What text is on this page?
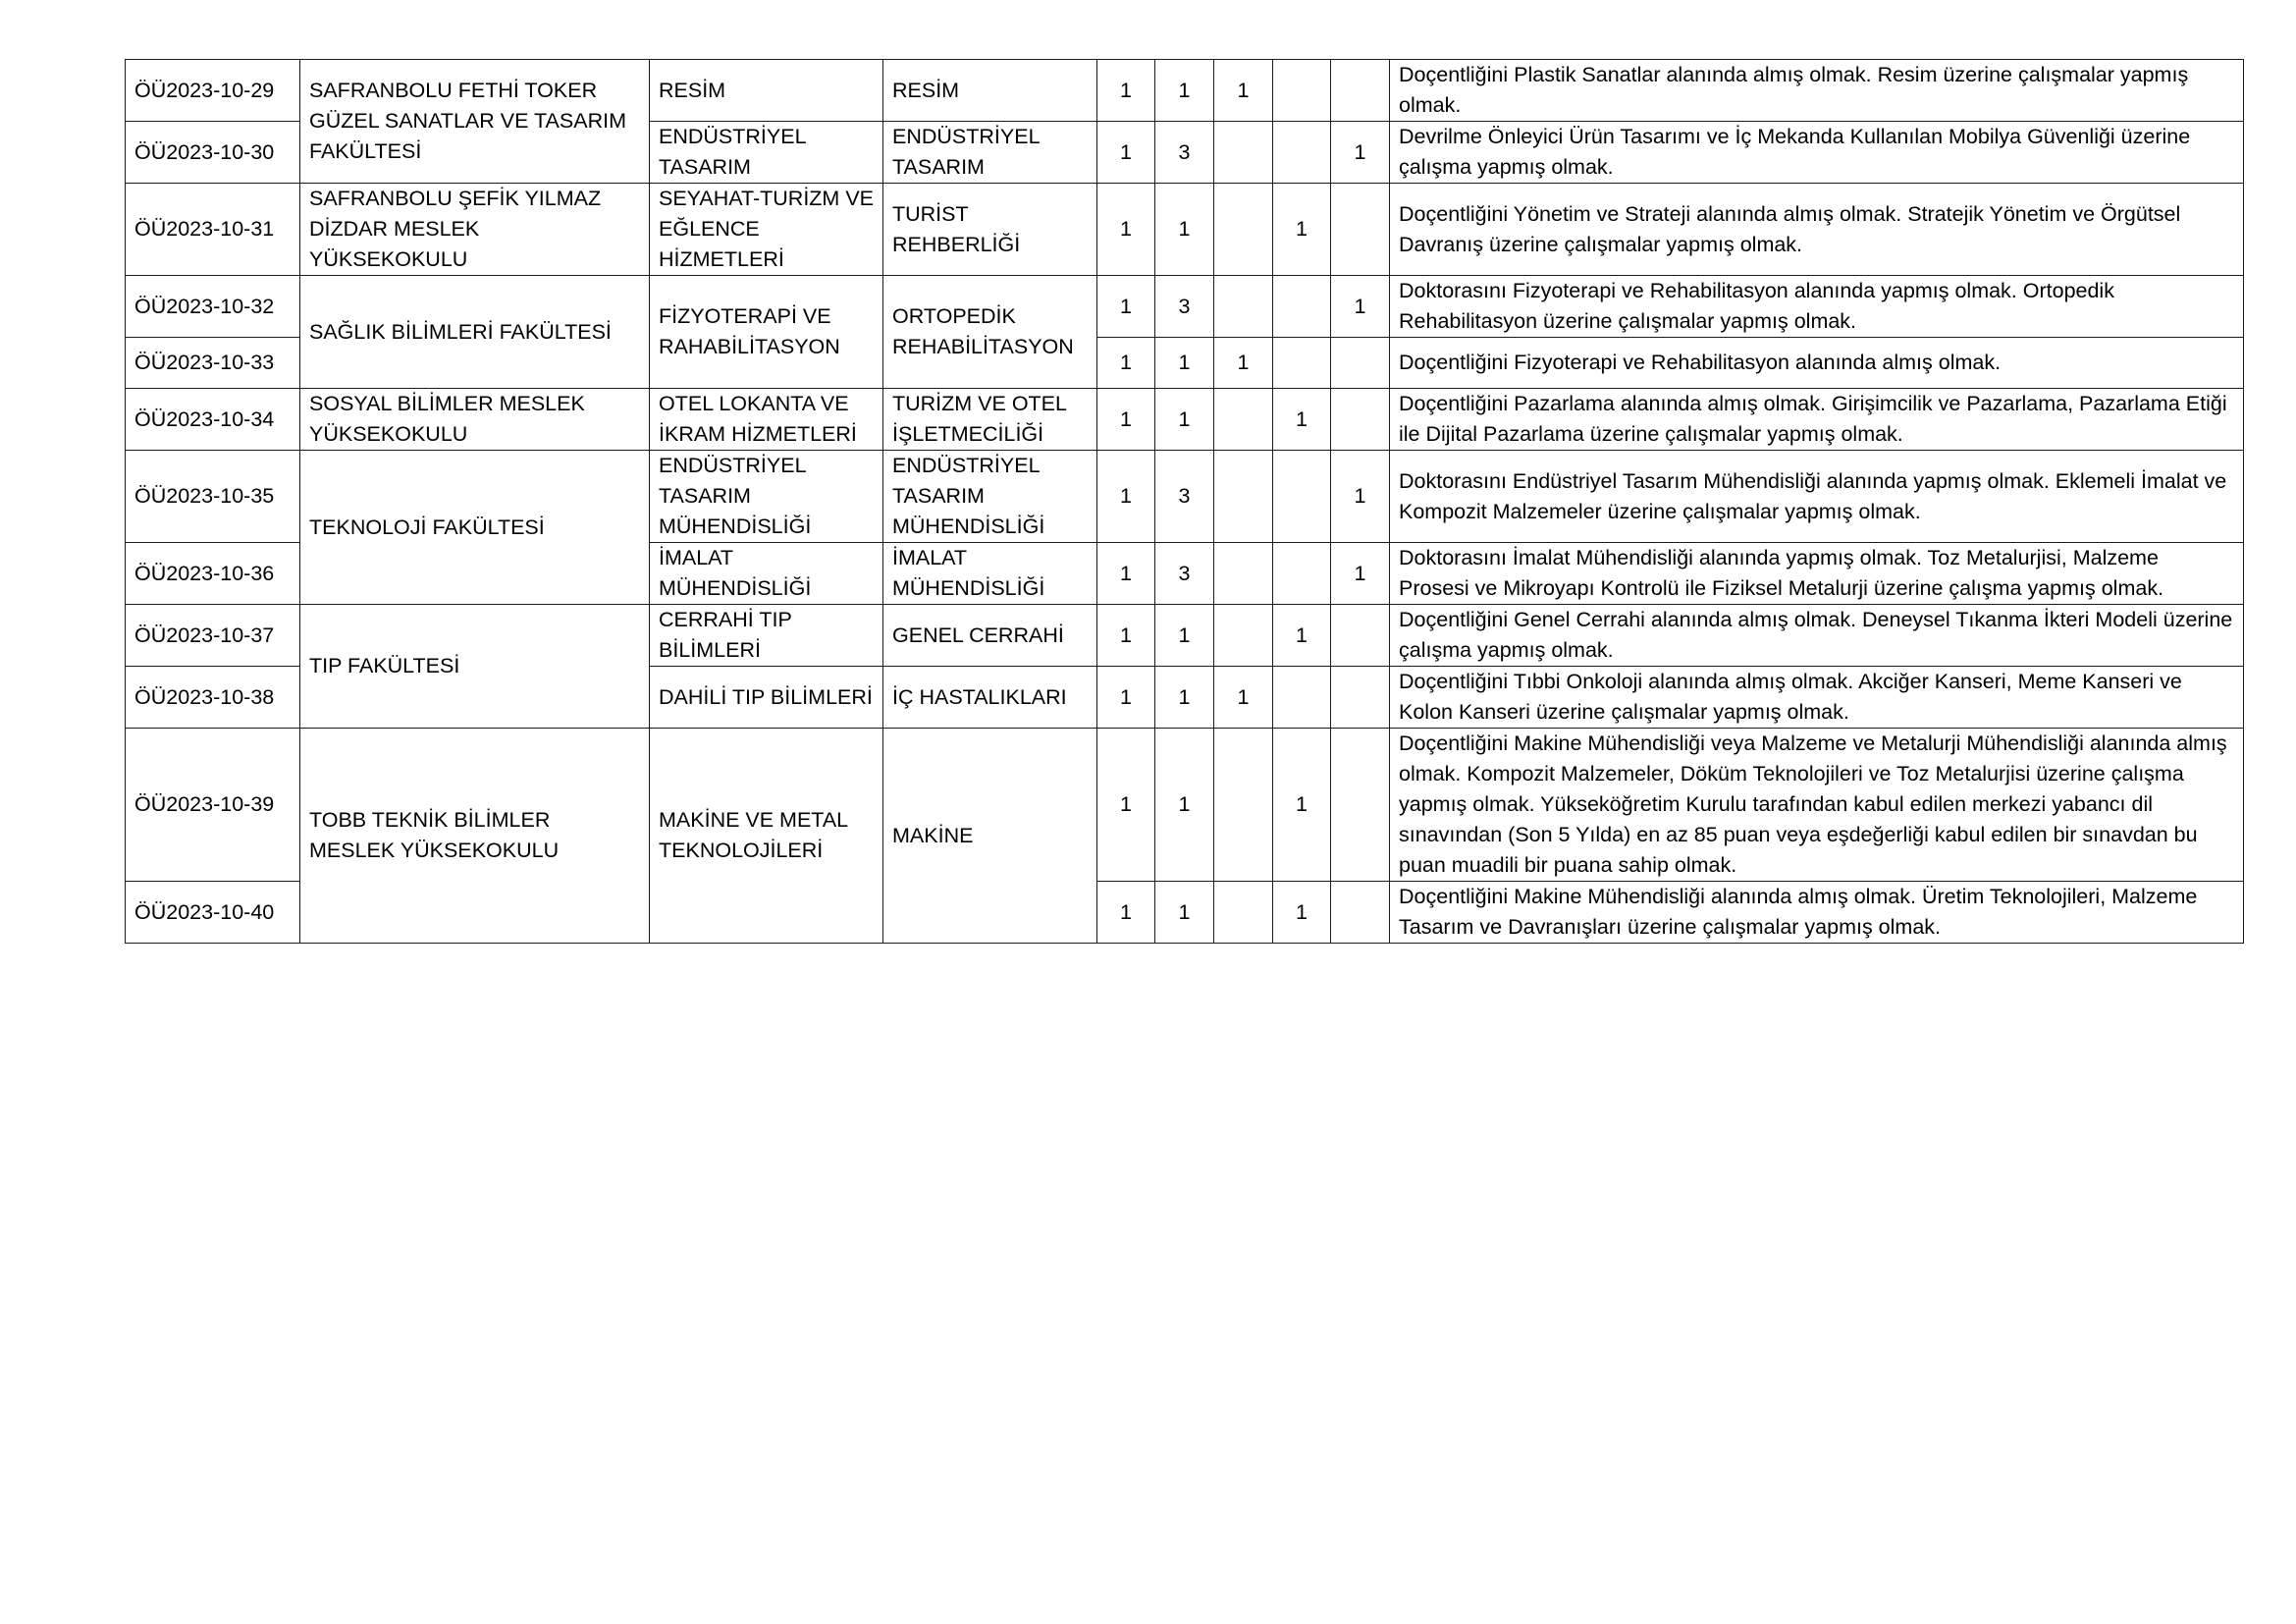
ÖÜ2023-10-29	SAFRANBOLU FETHİ TOKER GÜZEL SANATLAR VE TASARIM FAKÜLTESİ	RESİM	RESİM	1	1	1			Doçentliğini Plastik Sanatlar alanında almış olmak. Resim üzerine çalışmalar yapmış olmak.
ÖÜ2023-10-30		ENDÜSTRİYEL TASARIM	ENDÜSTRİYEL TASARIM	1	3			1	Devrilme Önleyici Ürün Tasarımı ve İç Mekanda Kullanılan Mobilya Güvenliği üzerine çalışma yapmış olmak.
ÖÜ2023-10-31	SAFRANBOLU ŞEFİK YILMAZ DİZDAR MESLEK YÜKSEKOKULU	SEYAHAT-TURİZM VE EĞLENCE HİZMETLERİ	TURİST REHBERLİĞİ	1	1		1		Doçentliğini Yönetim ve Strateji alanında almış olmak. Stratejik Yönetim ve Örgütsel Davranış üzerine çalışmalar yapmış olmak.
ÖÜ2023-10-32	SAĞLIK BİLİMLERİ FAKÜLTESİ	FİZYOTERAPİ VE RAHABİLİTASYON	ORTOPEDİK REHABİLİTASYON	1	3			1	Doktorasını Fizyoterapi ve Rehabilitasyon alanında yapmış olmak. Ortopedik Rehabilitasyon üzerine çalışmalar yapmış olmak.
ÖÜ2023-10-33				1	1	1			Doçentliğini Fizyoterapi ve Rehabilitasyon alanında almış olmak.
ÖÜ2023-10-34	SOSYAL BİLİMLER MESLEK YÜKSEKOKULU	OTEL LOKANTA VE İKRAM HİZMETLERİ	TURİZM VE OTEL İŞLETMECİLİĞİ	1	1		1		Doçentliğini Pazarlama alanında almış olmak. Girişimcilik ve Pazarlama, Pazarlama Etiği ile Dijital Pazarlama üzerine çalışmalar yapmış olmak.
ÖÜ2023-10-35	TEKNOLOJİ FAKÜLTESİ	ENDÜSTRİYEL TASARIM MÜHENDİSLİĞİ	ENDÜSTRİYEL TASARIM MÜHENDİSLİĞİ	1	3			1	Doktorasını Endüstriyel Tasarım Mühendisliği alanında yapmış olmak. Eklemeli İmalat ve Kompozit Malzemeler üzerine çalışmalar yapmış olmak.
ÖÜ2023-10-36		İMALAT MÜHENDİSLİĞİ	İMALAT MÜHENDİSLİĞİ	1	3			1	Doktorasını İmalat Mühendisliği alanında yapmış olmak. Toz Metalurjisi, Malzeme Prosesi ve Mikroyapı Kontrolü ile Fiziksel Metalurji üzerine çalışma yapmış olmak.
ÖÜ2023-10-37	TIP FAKÜLTESİ	CERRAHİ TIP BİLİMLERİ	GENEL CERRAHİ	1	1		1		Doçentliğini Genel Cerrahi alanında almış olmak. Deneysel Tıkanma İkteri Modeli üzerine çalışma yapmış olmak.
ÖÜ2023-10-38		DAHİLİ TIP BİLİMLERİ	İÇ HASTALIKLARI	1	1	1			Doçentliğini Tıbbi Onkoloji alanında almış olmak. Akciğer Kanseri, Meme Kanseri ve Kolon Kanseri üzerine çalışmalar yapmış olmak.
ÖÜ2023-10-39	TOBB TEKNİK BİLİMLER MESLEK YÜKSEKOKULU	MAKİNE VE METAL TEKNOLOJİLERİ	MAKİNE	1	1		1		Doçentliğini Makine Mühendisliği veya Malzeme ve Metalurji Mühendisliği alanında almış olmak. Kompozit Malzemeler, Döküm Teknolojileri ve Toz Metalurjisi üzerine çalışma yapmış olmak. Yükseköğretim Kurulu tarafından kabul edilen merkezi yabancı dil sınavından (Son 5 Yılda) en az 85 puan veya eşdeğerliği kabul edilen bir sınavdan bu puan muadili bir puana sahip olmak.
ÖÜ2023-10-40				1	1		1		Doçentliğini Makine Mühendisliği alanında almış olmak. Üretim Teknolojileri, Malzeme Tasarım ve Davranışları üzerine çalışmalar yapmış olmak.
